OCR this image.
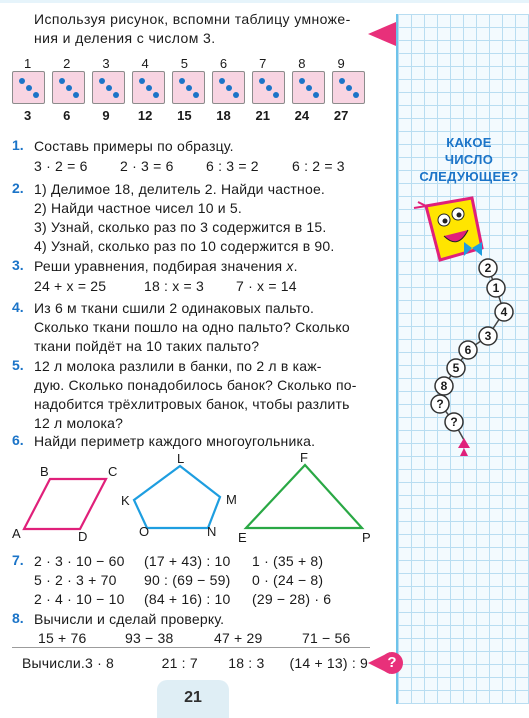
КАКОЕ
ЧИСЛО
СЛЕДУЮЩЕЕ?
2
1
4
3
6
5
8
?
?
Используя рисунок, вспомни таблицу умноже-
ния и деления с числом 3.
1	2	3	4	5	6	7	8	9
3	6	9	12	15	18	21	24	27
1. Составь примеры по образцу.
3 · 2 = 6	2 · 3 = 6	6 : 3 = 2	6 : 2 = 3
2. 1) Делимое 18, делитель 2. Найди частное.
2) Найди частное чисел 10 и 5.
3) Узнай, сколько раз по 3 содержится в 15.
4) Узнай, сколько раз по 10 содержится в 90.
3. Реши уравнения, подбирая значения x.
24 + x = 25	18 : x = 3	7 · x = 14
4. Из 6 м ткани сшили 2 одинаковых пальто.
Сколько ткани пошло на одно пальто? Сколько
ткани пойдёт на 10 таких пальто?
5. 12 л молока разлили в банки, по 2 л в каж-
дую. Сколько понадобилось банок? Сколько по-
надобится трёхлитровых банок, чтобы разлить
12 л молока?
6. Найди периметр каждого многоугольника.
B	C
A	D
L
K	M
O	N
F
E	P
7. 2 · 3 · 10 − 60	(17 + 43) : 10	1 · (35 + 8)
5 · 2 · 3 + 70	90 : (69 − 59)	0 · (24 − 8)
2 · 4 · 10 − 10	(84 + 16) : 10	(29 − 28) · 6
8. Вычисли и сделай проверку.
15 + 76	93 − 38	47 + 29	71 − 56
Вычисли. 3 · 8	21 : 7	18 : 3	(14 + 13) : 9	?
21
